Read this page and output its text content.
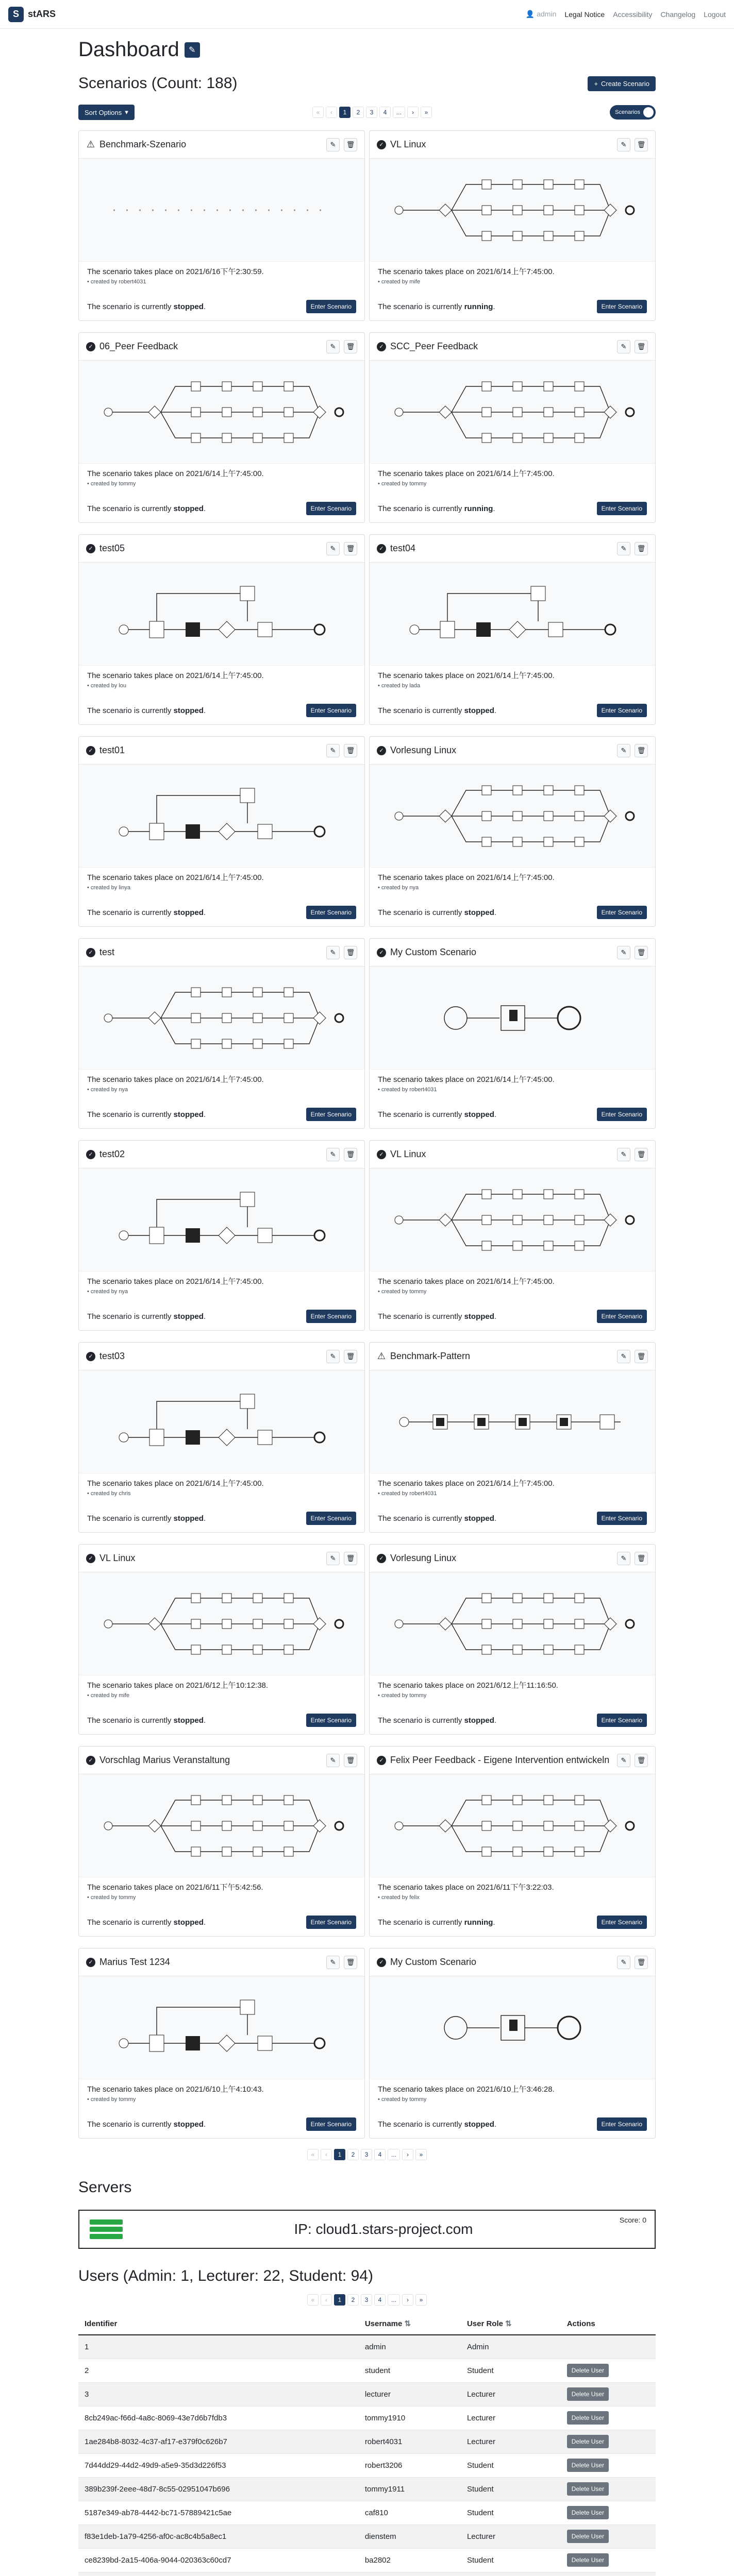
S stARS	👤 admin Legal Notice Accessibility Changelog Logout
Dashboard	✎
Scenarios (Count: 188)	+ Create Scenario
Sort Options ▾	«	‹	1	2	3	4	...	›	»	Scenarios
⚠ Benchmark-Szenario	✎ 🗑
The scenario takes place on 2021/6/16下午2:30:59.
• created by robert4031
The scenario is currently stopped.	Enter Scenario
✓ VL Linux	✎ 🗑
The scenario takes place on 2021/6/14上午7:45:00.
• created by mife
The scenario is currently running.	Enter Scenario
✓ 06_Peer Feedback	✎ 🗑
The scenario takes place on 2021/6/14上午7:45:00.
• created by tommy
The scenario is currently stopped.	Enter Scenario
✓ SCC_Peer Feedback	✎ 🗑
The scenario takes place on 2021/6/14上午7:45:00.
• created by tommy
The scenario is currently running.	Enter Scenario
✓ test05	✎ 🗑
The scenario takes place on 2021/6/14上午7:45:00.
• created by lou
The scenario is currently stopped.	Enter Scenario
✓ test04	✎ 🗑
The scenario takes place on 2021/6/14上午7:45:00.
• created by lada
The scenario is currently stopped.	Enter Scenario
✓ test01	✎ 🗑
The scenario takes place on 2021/6/14上午7:45:00.
• created by linya
The scenario is currently stopped.	Enter Scenario
✓ Vorlesung Linux	✎ 🗑
The scenario takes place on 2021/6/14上午7:45:00.
• created by nya
The scenario is currently stopped.	Enter Scenario
✓ test	✎ 🗑
The scenario takes place on 2021/6/14上午7:45:00.
• created by nya
The scenario is currently stopped.	Enter Scenario
✓ My Custom Scenario	✎ 🗑
The scenario takes place on 2021/6/14上午7:45:00.
• created by robert4031
The scenario is currently stopped.	Enter Scenario
✓ test02	✎ 🗑
The scenario takes place on 2021/6/14上午7:45:00.
• created by nya
The scenario is currently stopped.	Enter Scenario
✓ VL Linux	✎ 🗑
The scenario takes place on 2021/6/14上午7:45:00.
• created by tommy
The scenario is currently stopped.	Enter Scenario
✓ test03	✎ 🗑
The scenario takes place on 2021/6/14上午7:45:00.
• created by chris
The scenario is currently stopped.	Enter Scenario
⚠ Benchmark-Pattern	✎ 🗑
The scenario takes place on 2021/6/14上午7:45:00.
• created by robert4031
The scenario is currently stopped.	Enter Scenario
✓ VL Linux	✎ 🗑
The scenario takes place on 2021/6/12上午10:12:38.
• created by mife
The scenario is currently stopped.	Enter Scenario
✓ Vorlesung Linux	✎ 🗑
The scenario takes place on 2021/6/12上午11:16:50.
• created by tommy
The scenario is currently stopped.	Enter Scenario
✓ Vorschlag Marius Veranstaltung	✎ 🗑
The scenario takes place on 2021/6/11下午5:42:56.
• created by tommy
The scenario is currently stopped.	Enter Scenario
✓ Felix Peer Feedback - Eigene Intervention entwickeln	✎ 🗑
The scenario takes place on 2021/6/11下午3:22:03.
• created by felix
The scenario is currently running.	Enter Scenario
✓ Marius Test 1234	✎ 🗑
The scenario takes place on 2021/6/10上午4:10:43.
• created by tommy
The scenario is currently stopped.	Enter Scenario
✓ My Custom Scenario	✎ 🗑
The scenario takes place on 2021/6/10上午3:46:28.
• created by tommy
The scenario is currently stopped.	Enter Scenario
«	‹	1	2	3	4	...	›	»
Servers
IP: cloud1.stars-project.com
Score: 0
Users (Admin: 1, Lecturer: 22, Student: 94)
«	‹	1	2	3	4	...	›	»
Identifier	Username ⇅	User Role ⇅	Actions
1	admin	Admin	
2	student	Student	Delete User
3	lecturer	Lecturer	Delete User
8cb249ac-f66d-4a8c-8069-43e7d6b7fdb3	tommy1910	Lecturer	Delete User
1ae284b8-8032-4c37-af17-e379f0c626b7	robert4031	Lecturer	Delete User
7d44dd29-44d2-49d9-a5e9-35d3d226f53	robert3206	Student	Delete User
389b239f-2eee-48d7-8c55-02951047b696	tommy1911	Student	Delete User
5187e349-ab78-4442-bc71-57889421c5ae	caf810	Student	Delete User
f83e1deb-1a79-4256-af0c-ac8c4b5a8ec1	dienstem	Lecturer	Delete User
ce8239bd-2a15-406a-9044-020363c60cd7	ba2802	Student	Delete User
